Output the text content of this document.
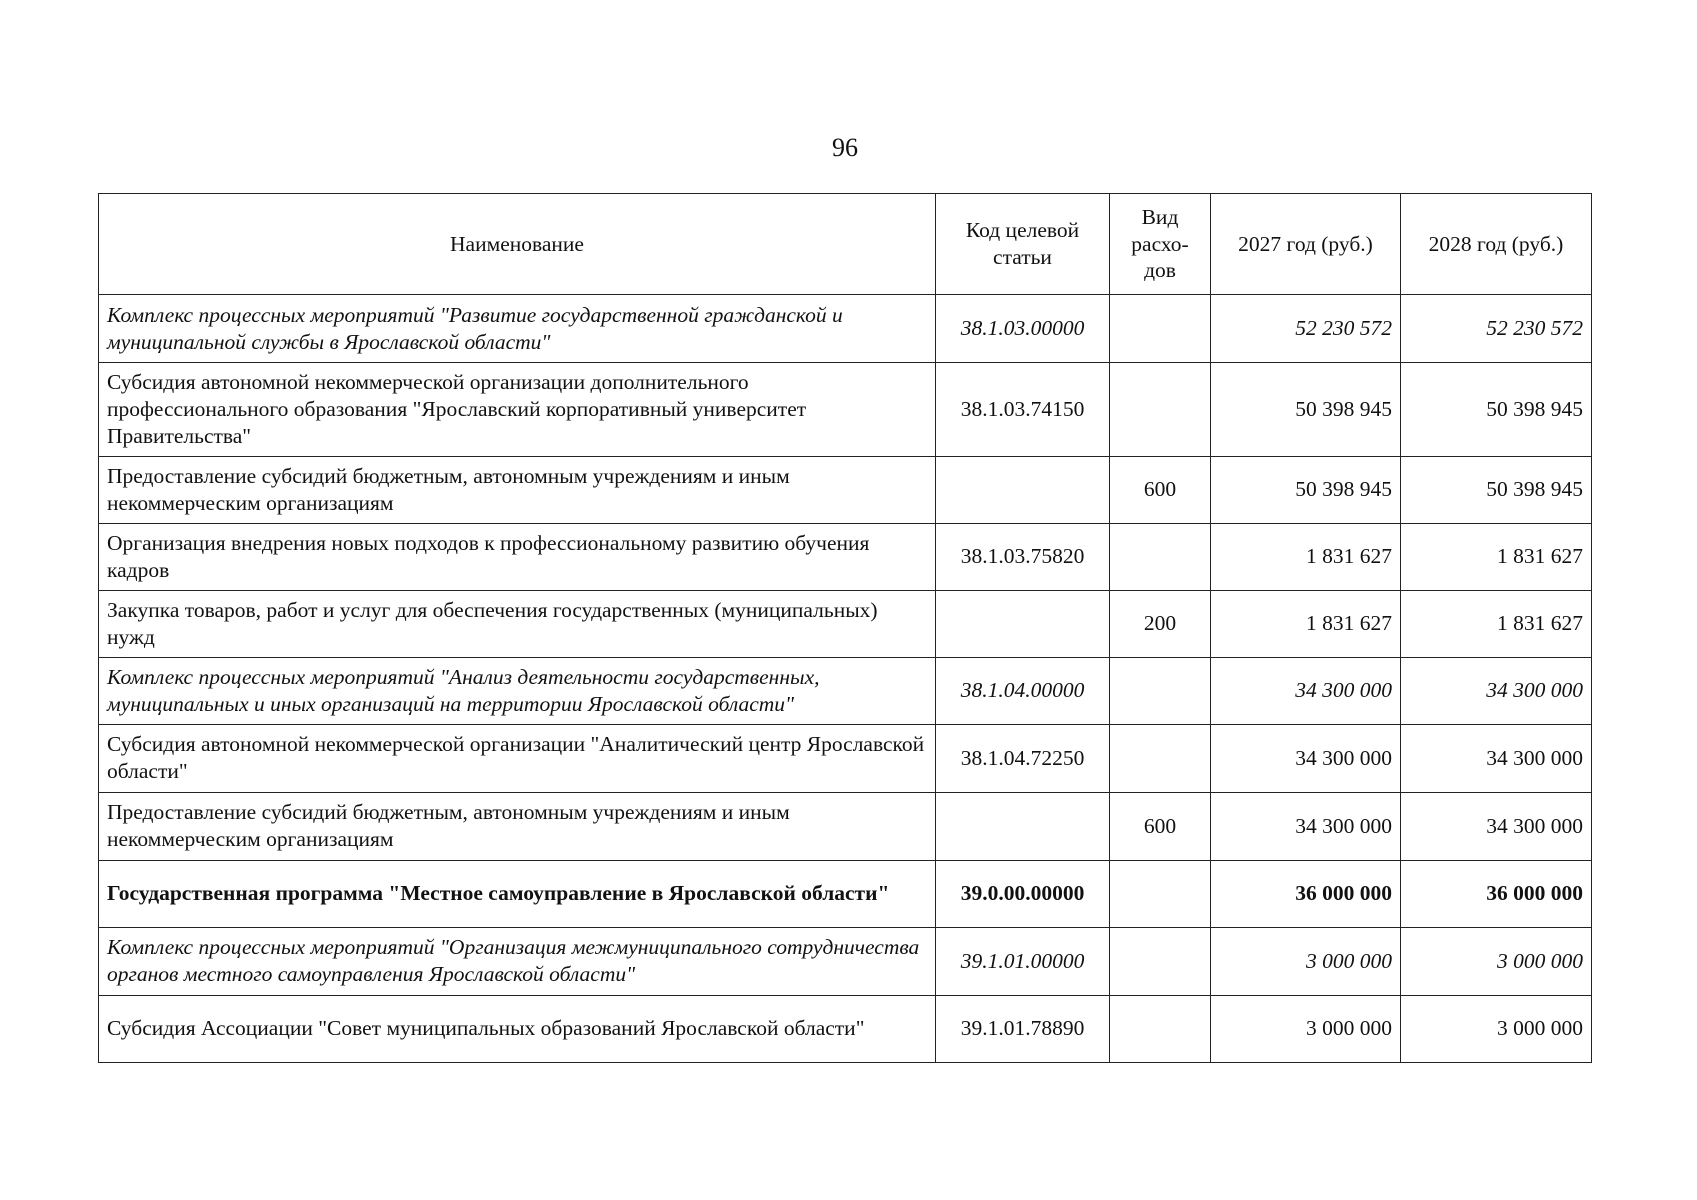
96
Наименование	Код целевой статьи	Вид расхо-дов	2027 год (руб.)	2028 год (руб.)
Комплекс процессных мероприятий "Развитие государственной гражданской и муниципальной службы в Ярославской области"	38.1.03.00000		52 230 572	52 230 572
Субсидия автономной некоммерческой организации дополнительного профессионального образования "Ярославский корпоративный университет Правительства"	38.1.03.74150		50 398 945	50 398 945
Предоставление субсидий бюджетным, автономным учреждениям и иным некоммерческим организациям		600	50 398 945	50 398 945
Организация внедрения новых подходов к профессиональному развитию обучения кадров	38.1.03.75820		1 831 627	1 831 627
Закупка товаров, работ и услуг для обеспечения государственных (муниципальных) нужд		200	1 831 627	1 831 627
Комплекс процессных мероприятий "Анализ деятельности государственных, муниципальных и иных организаций на территории Ярославской области"	38.1.04.00000		34 300 000	34 300 000
Субсидия автономной некоммерческой организации "Аналитический центр Ярославской области"	38.1.04.72250		34 300 000	34 300 000
Предоставление субсидий бюджетным, автономным учреждениям и иным некоммерческим организациям		600	34 300 000	34 300 000
Государственная программа "Местное самоуправление в Ярославской области"	39.0.00.00000		36 000 000	36 000 000
Комплекс процессных мероприятий "Организация межмуниципального сотрудничества органов местного самоуправления Ярославской области"	39.1.01.00000		3 000 000	3 000 000
Субсидия Ассоциации "Совет муниципальных образований Ярославской области"	39.1.01.78890		3 000 000	3 000 000
